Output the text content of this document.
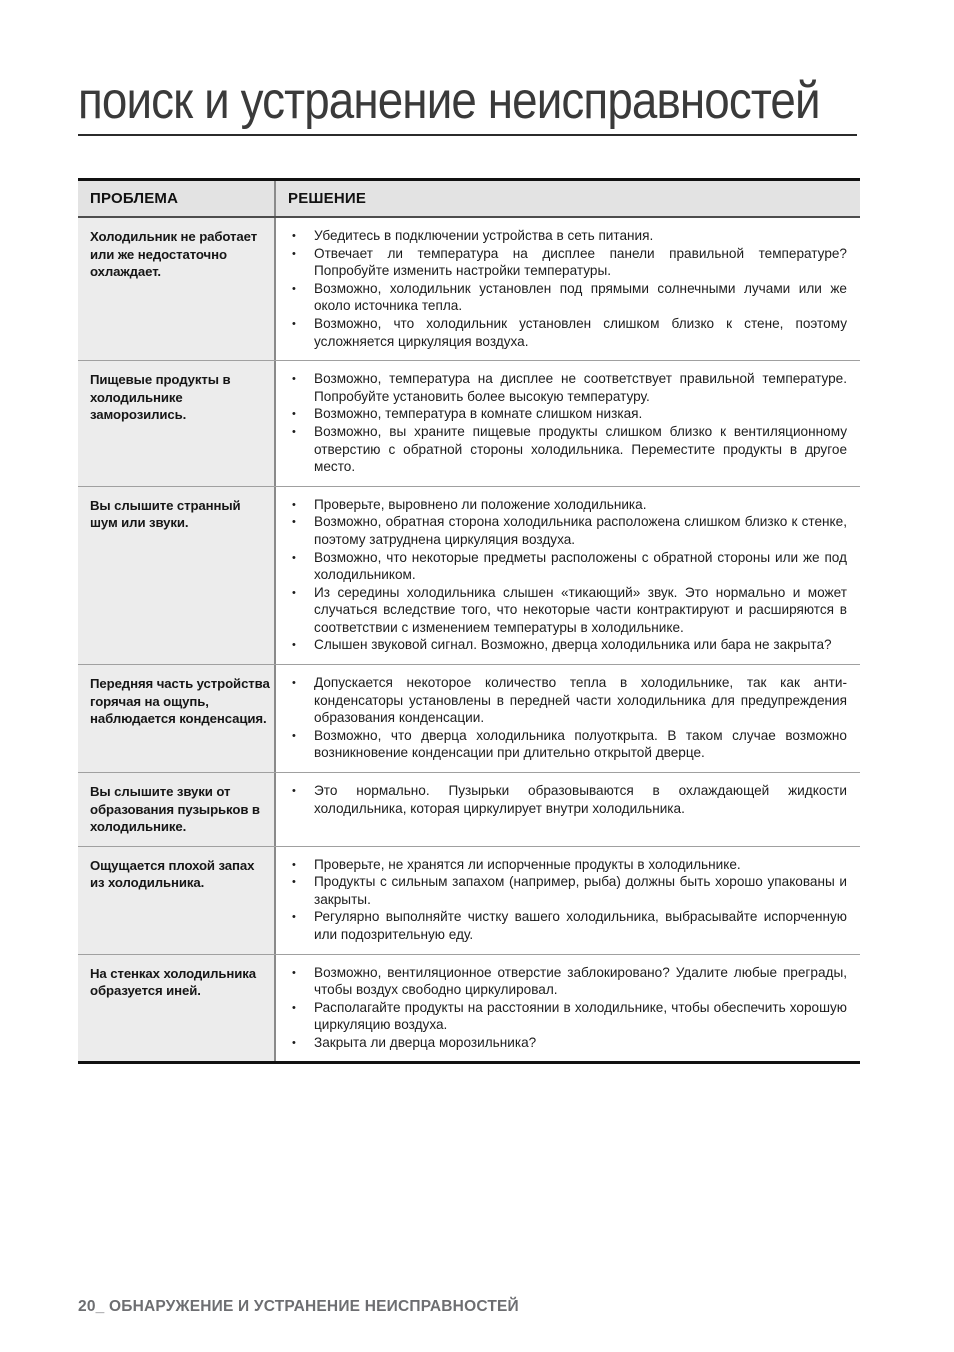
поиск и устранение неисправностей
ПРОБЛЕМА	РЕШЕНИЕ
Холодильник не работает или же недостаточно охлаждает.
• Убедитесь в подключении устройства в сеть питания.
• Отвечает ли температура на дисплее панели правильной температуре? Попробуйте изменить настройки температуры.
• Возможно, холодильник установлен под прямыми солнечными лучами или же около источника тепла.
• Возможно, что холодильник установлен слишком близко к стене, поэтому усложняется циркуляция воздуха.
Пищевые продукты в холодильнике заморозились.
• Возможно, температура на дисплее не соответствует правильной температуре. Попробуйте установить более высокую температуру.
• Возможно, температура в комнате слишком низкая.
• Возможно, вы храните пищевые продукты слишком близко к вентиляционному отверстию с обратной стороны холодильника. Переместите продукты в другое место.
Вы слышите странный шум или звуки.
• Проверьте, выровнено ли положение холодильника.
• Возможно, обратная сторона холодильника расположена слишком близко к стенке, поэтому затруднена циркуляция воздуха.
• Возможно, что некоторые предметы расположены с обратной стороны или же под холодильником.
• Из середины холодильника слышен «тикающий» звук. Это нормально и может случаться вследствие того, что некоторые части контрактируют и расширяются в соответствии с изменением температуры в холодильнике.
• Слышен звуковой сигнал. Возможно, дверца холодильника или бара не закрыта?
Передняя часть устройства горячая на ощупь, наблюдается конденсация.
• Допускается некоторое количество тепла в холодильнике, так как анти-конденсаторы установлены в передней части холодильника для предупреждения образования конденсации.
• Возможно, что дверца холодильника полуоткрыта. В таком случае возможно возникновение конденсации при длительно открытой дверце.
Вы слышите звуки от образования пузырьков в холодильнике.
• Это нормально. Пузырьки образовываются в охлаждающей жидкости холодильника, которая циркулирует внутри холодильника.
Ощущается плохой запах из холодильника.
• Проверьте, не хранятся ли испорченные продукты в холодильнике.
• Продукты с сильным запахом (например, рыба) должны быть хорошо упакованы и закрыты.
• Регулярно выполняйте чистку вашего холодильника, выбрасывайте испорченную или подозрительную еду.
На стенках холодильника образуется иней.
• Возможно, вентиляционное отверстие заблокировано? Удалите любые преграды, чтобы воздух свободно циркулировал.
• Располагайте продукты на расстоянии в холодильнике, чтобы обеспечить хорошую циркуляцию воздуха.
• Закрыта ли дверца морозильника?
20_ ОБНАРУЖЕНИЕ И УСТРАНЕНИЕ НЕИСПРАВНОСТЕЙ
